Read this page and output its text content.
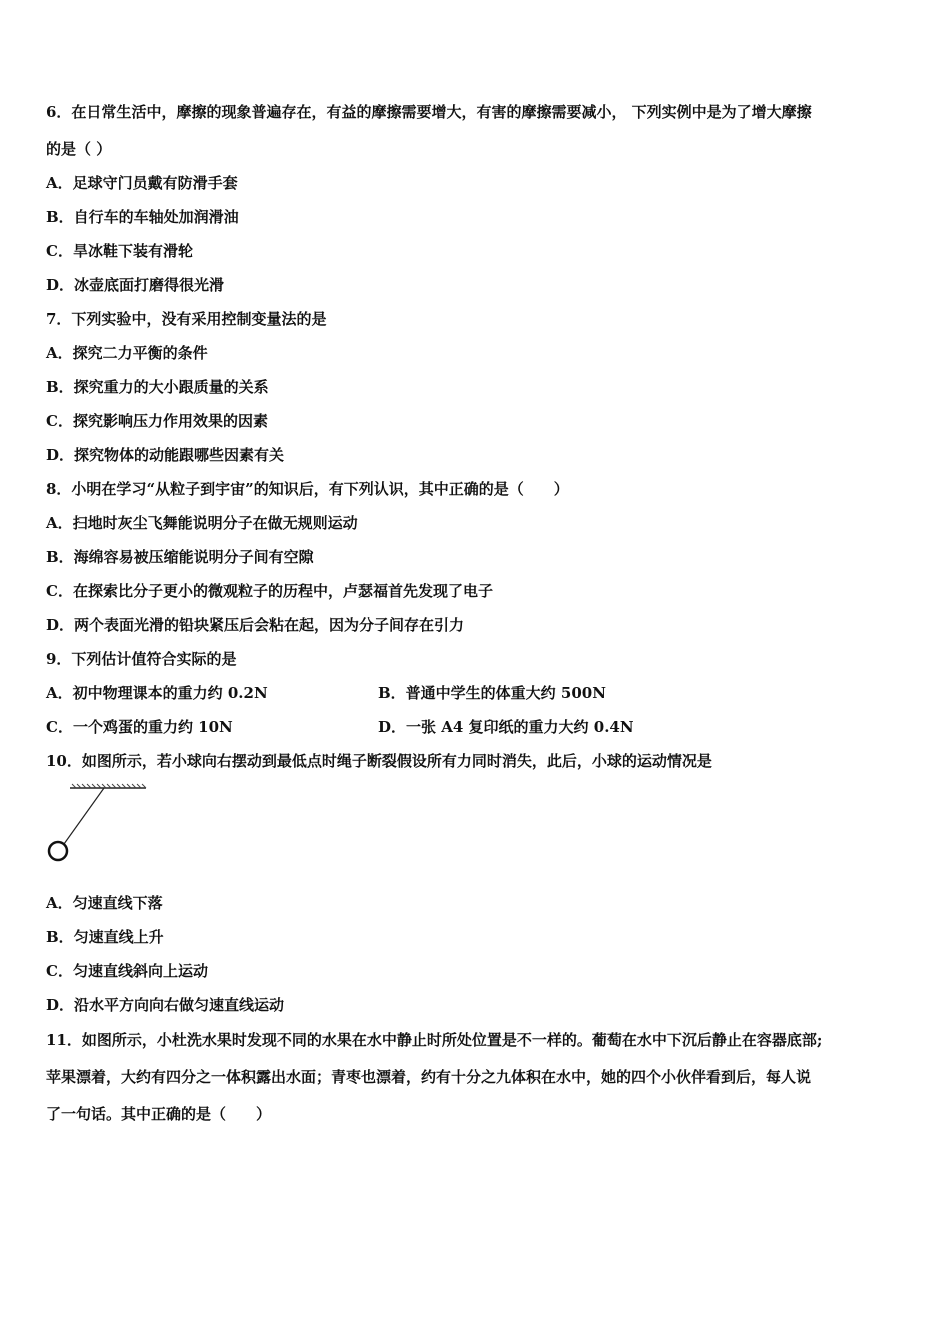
6．在日常生活中，摩擦的现象普遍存在，有益的摩擦需要增大，有害的摩擦需要减小， 下列实例中是为了增大摩擦
的是（ ）
A．足球守门员戴有防滑手套
B．自行车的车轴处加润滑油
C．旱冰鞋下装有滑轮
D．冰壶底面打磨得很光滑
7．下列实验中，没有采用控制变量法的是
A．探究二力平衡的条件
B．探究重力的大小跟质量的关系
C．探究影响压力作用效果的因素
D．探究物体的动能跟哪些因素有关
8．小明在学习“从粒子到宇宙”的知识后，有下列认识，其中正确的是（　　）
A．扫地时灰尘飞舞能说明分子在做无规则运动
B．海绵容易被压缩能说明分子间有空隙
C．在探索比分子更小的微观粒子的历程中，卢瑟福首先发现了电子
D．两个表面光滑的铅块紧压后会粘在起，因为分子间存在引力
9．下列估计值符合实际的是
A．初中物理课本的重力约 0.2N	B．普通中学生的体重大约 500N
C．一个鸡蛋的重力约 10N	D．一张 A4 复印纸的重力大约 0.4N
10．如图所示，若小球向右摆动到最低点时绳子断裂假设所有力同时消失，此后，小球的运动情况是
A．匀速直线下落
B．匀速直线上升
C．匀速直线斜向上运动
D．沿水平方向向右做匀速直线运动
11．如图所示，小杜洗水果时发现不同的水果在水中静止时所处位置是不一样的。葡萄在水中下沉后静止在容器底部;
苹果漂着，大约有四分之一体积露出水面；青枣也漂着，约有十分之九体积在水中，她的四个小伙伴看到后，每人说
了一句话。其中正确的是（　　）
